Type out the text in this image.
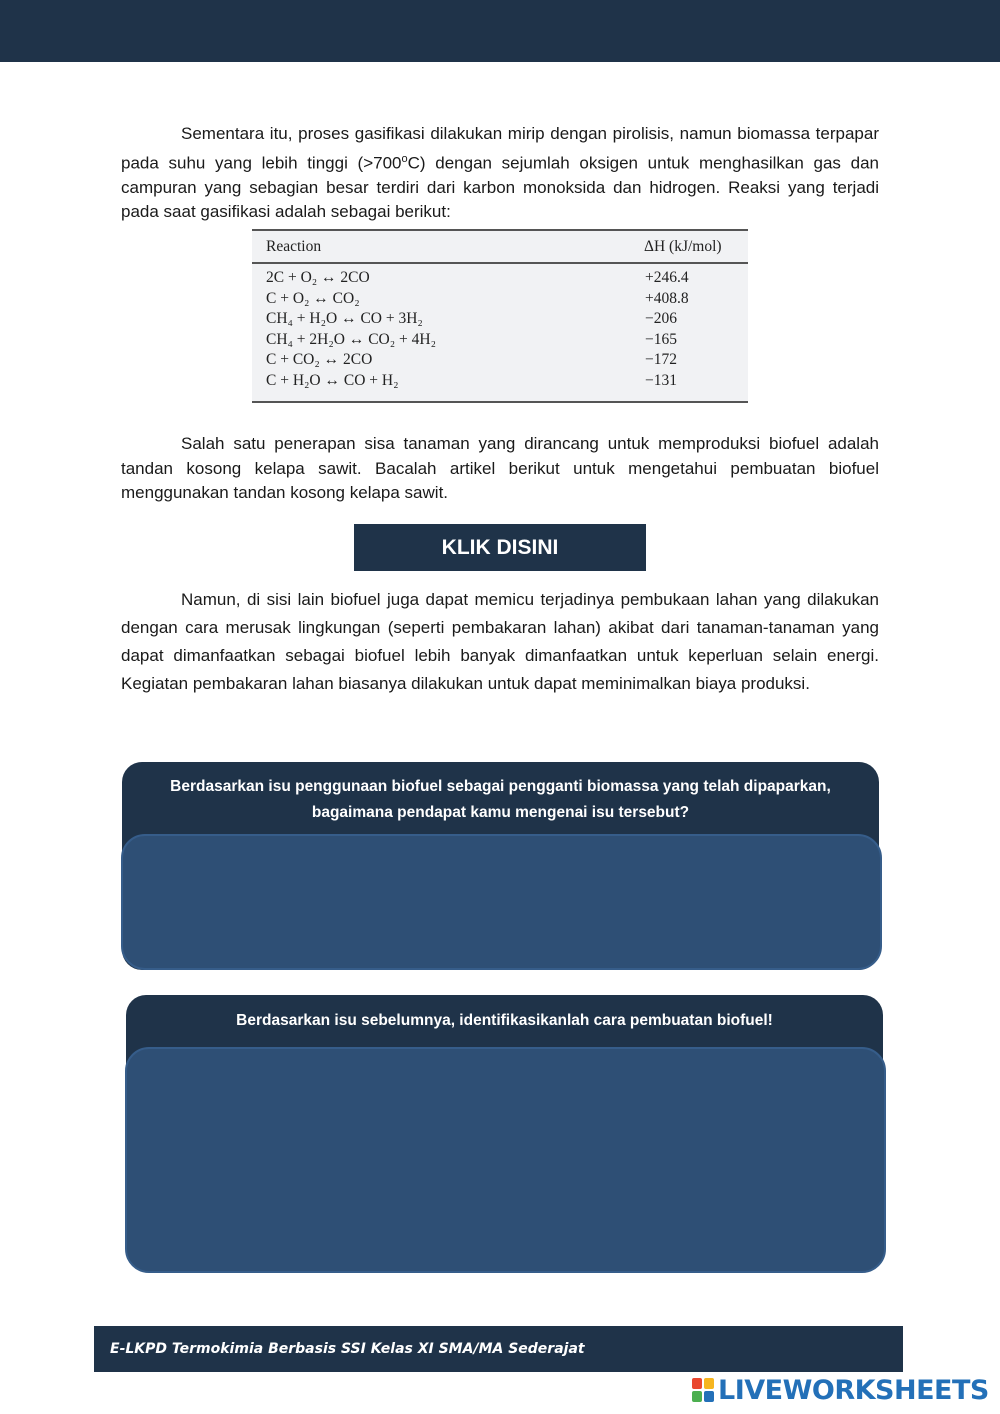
Sementara itu, proses gasifikasi dilakukan mirip dengan pirolisis, namun biomassa terpapar pada suhu yang lebih tinggi $(>700^oC)$ dengan sejumlah oksigen untuk menghasilkan gas dan campuran yang sebagian besar terdiri dari karbon monoksida dan hidrogen. Reaksi yang terjadi pada saat gasifikasi adalah sebagai berikut:

Reaction	ΔH (kJ/mol)
2C + O₂ ↔ 2CO	+246.4
C + O₂ ↔ CO₂	+408.8
CH₄ + H₂O ↔ CO + 3H₂	−206
CH₄ + 2H₂O ↔ CO₂ + 4H₂	−165
C + CO₂ ↔ 2CO	−172
C + H₂O ↔ CO + H₂	−131

Salah satu penerapan sisa tanaman yang dirancang untuk memproduksi biofuel adalah tandan kosong kelapa sawit. Bacalah artikel berikut untuk mengetahui pembuatan biofuel menggunakan tandan kosong kelapa sawit.

KLIK DISINI

Namun, di sisi lain biofuel juga dapat memicu terjadinya pembukaan lahan yang dilakukan dengan cara merusak lingkungan (seperti pembakaran lahan) akibat dari tanaman-tanaman yang dapat dimanfaatkan sebagai biofuel lebih banyak dimanfaatkan untuk keperluan selain energi. Kegiatan pembakaran lahan biasanya dilakukan untuk dapat meminimalkan biaya produksi.

Berdasarkan isu penggunaan biofuel sebagai pengganti biomassa yang telah dipaparkan, bagaimana pendapat kamu mengenai isu tersebut?
Berdasarkan isu sebelumnya, identifikasikanlah cara pembuatan biofuel!
E-LKPD Termokimia Berbasis SSI Kelas XI SMA/MA Sederajat
LIVEWORKSHEETS
